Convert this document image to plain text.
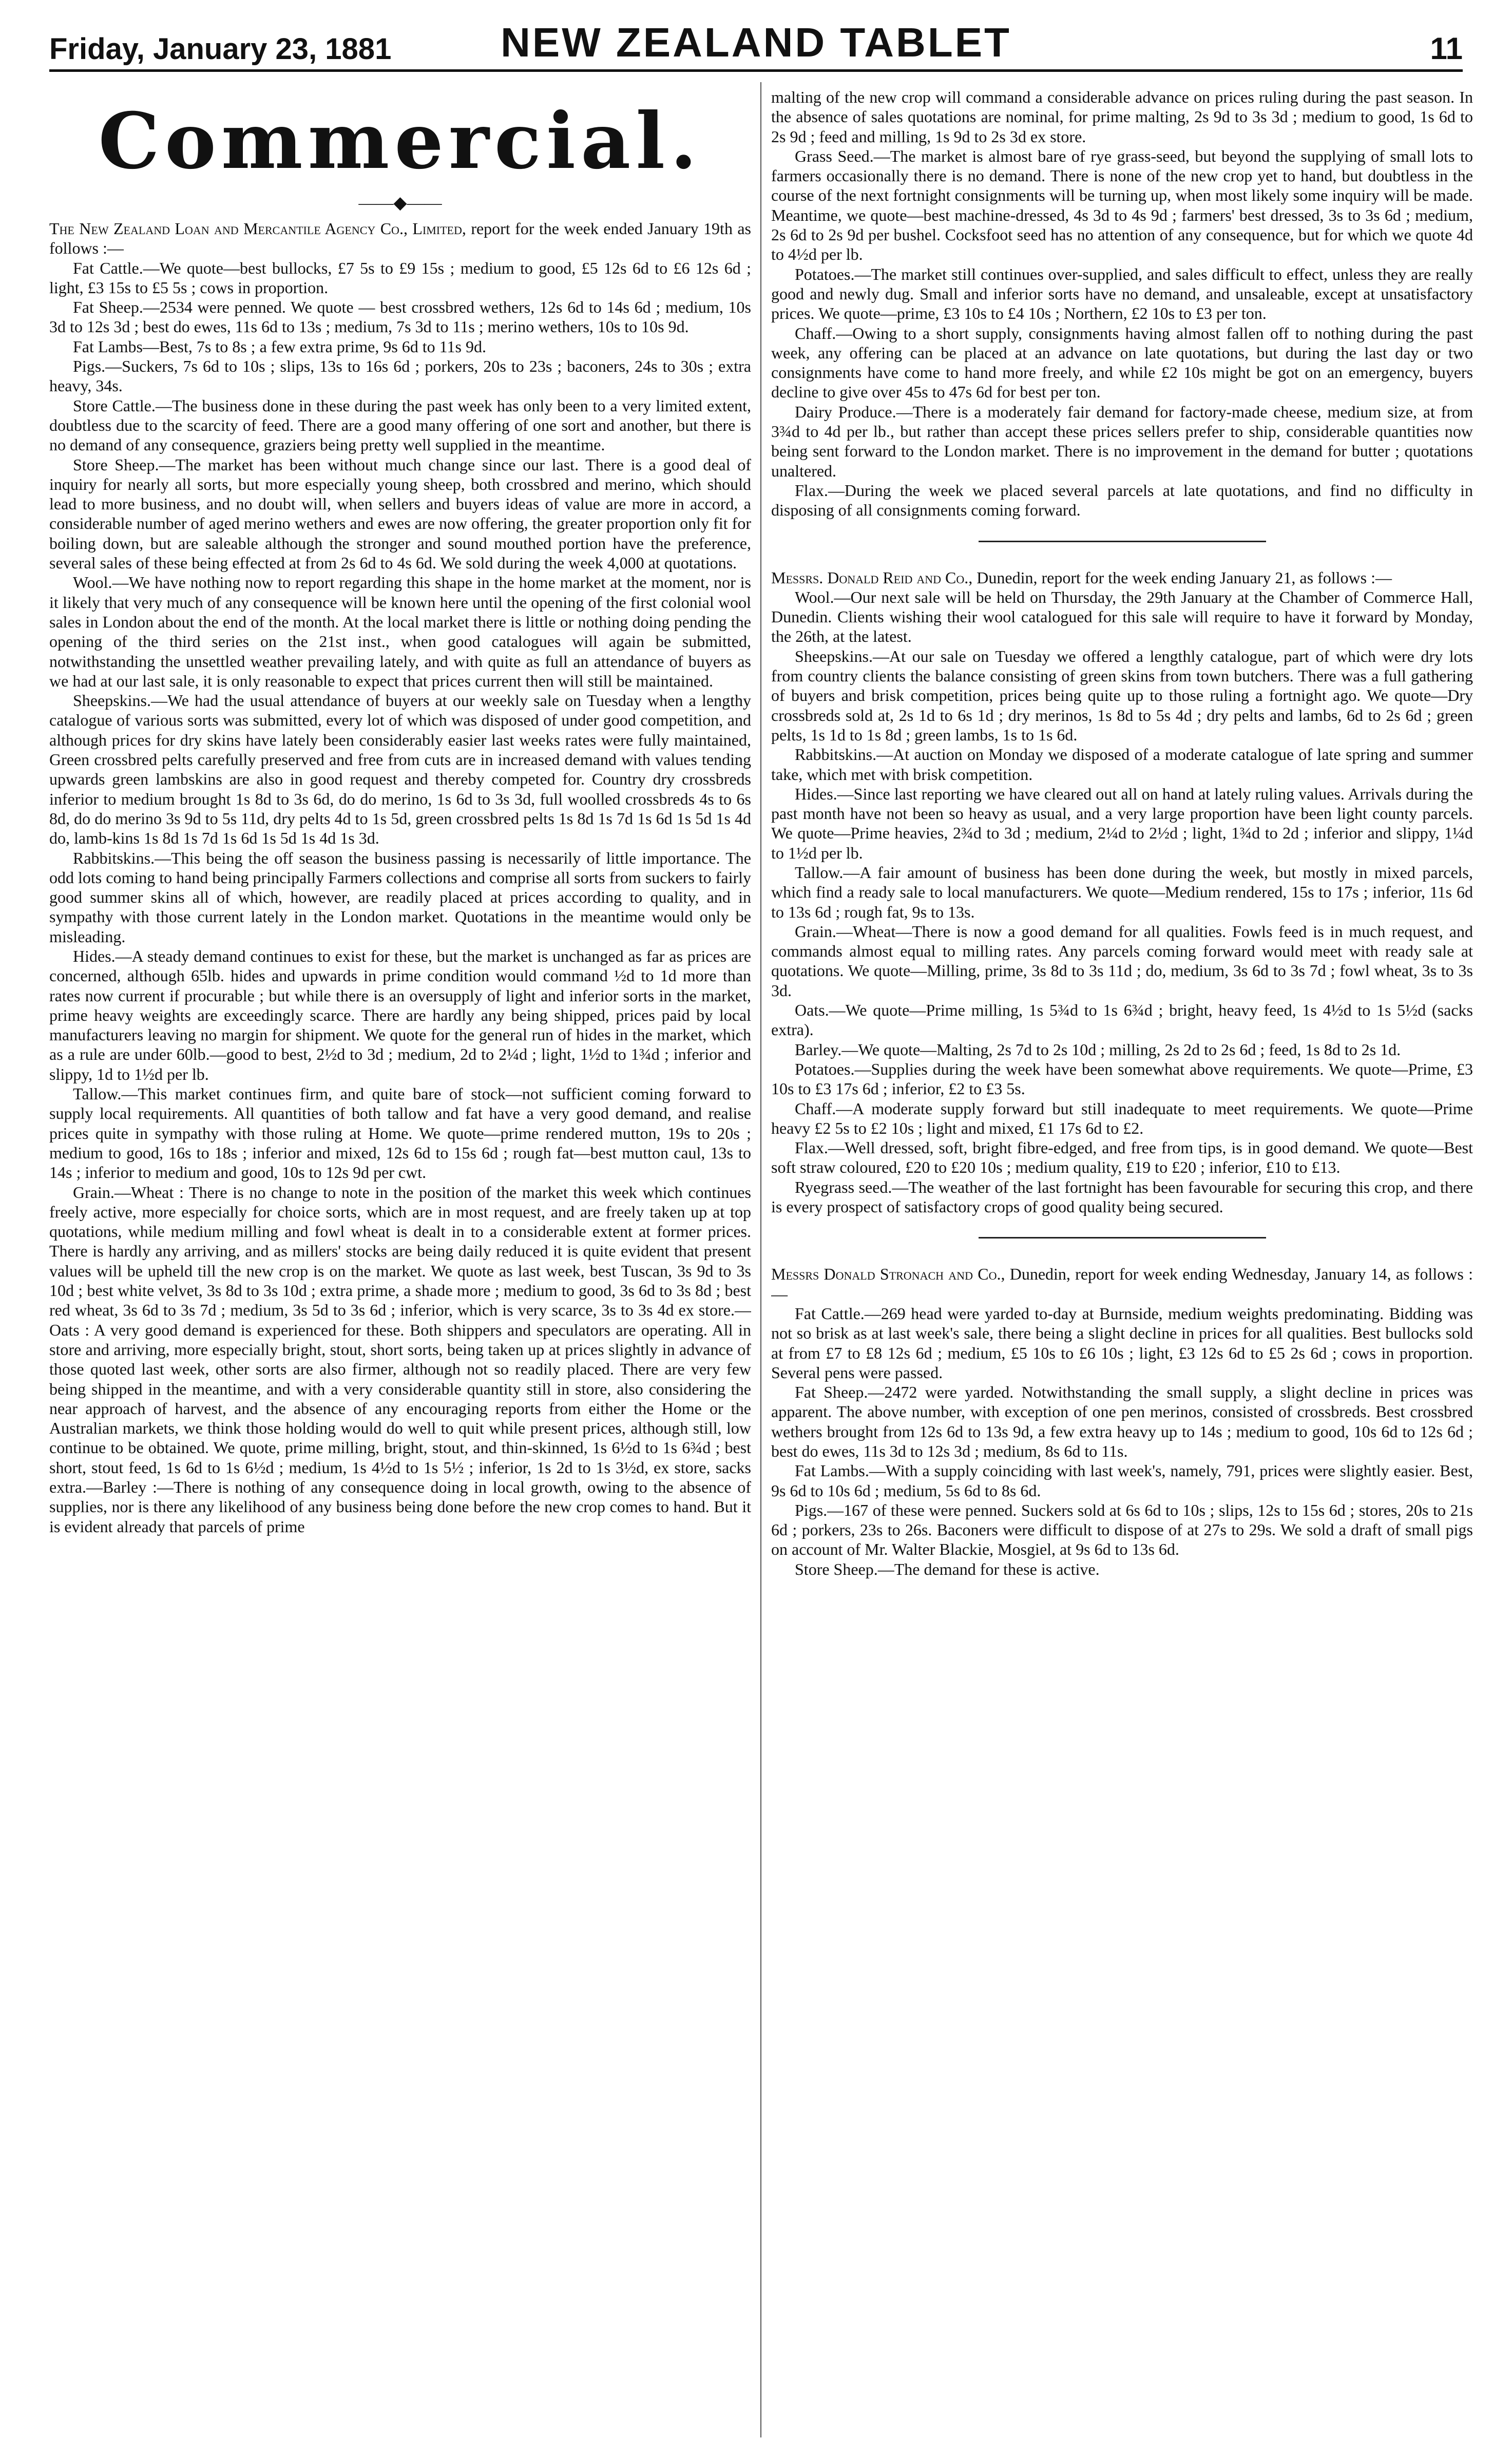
Friday, January 23, 1881	NEW ZEALAND TABLET	11
Commercial.
——◆——

The New Zealand Loan and Mercantile Agency Co., Limited, report for the week ended January 19th as follows :—

Fat Cattle.—We quote—best bullocks, £7 5s to £9 15s ; medium to good, £5 12s 6d to £6 12s 6d ; light, £3 15s to £5 5s ; cows in proportion.

Fat Sheep.—2534 were penned. We quote — best crossbred wethers, 12s 6d to 14s 6d ; medium, 10s 3d to 12s 3d ; best do ewes, 11s 6d to 13s ; medium, 7s 3d to 11s ; merino wethers, 10s to 10s 9d.

Fat Lambs—Best, 7s to 8s ; a few extra prime, 9s 6d to 11s 9d.

Pigs.—Suckers, 7s 6d to 10s ; slips, 13s to 16s 6d ; porkers, 20s to 23s ; baconers, 24s to 30s ; extra heavy, 34s.

Store Cattle.—The business done in these during the past week has only been to a very limited extent, doubtless due to the scarcity of feed. There are a good many offering of one sort and another, but there is no demand of any consequence, graziers being pretty well supplied in the meantime.

Store Sheep.—The market has been without much change since our last. There is a good deal of inquiry for nearly all sorts, but more especially young sheep, both crossbred and merino, which should lead to more business, and no doubt will, when sellers and buyers ideas of value are more in accord, a considerable number of aged merino wethers and ewes are now offering, the greater proportion only fit for boiling down, but are saleable although the stronger and sound mouthed portion have the preference, several sales of these being effected at from 2s 6d to 4s 6d. We sold during the week 4,000 at quotations.

Wool.—We have nothing now to report regarding this shape in the home market at the moment, nor is it likely that very much of any consequence will be known here until the opening of the first colonial wool sales in London about the end of the month. At the local market there is little or nothing doing pending the opening of the third series on the 21st inst., when good catalogues will again be submitted, notwithstanding the unsettled weather prevailing lately, and with quite as full an attendance of buyers as we had at our last sale, it is only reasonable to expect that prices current then will still be maintained.

Sheepskins.—We had the usual attendance of buyers at our weekly sale on Tuesday when a lengthy catalogue of various sorts was submitted, every lot of which was disposed of under good competition, and although prices for dry skins have lately been considerably easier last weeks rates were fully maintained, Green crossbred pelts carefully preserved and free from cuts are in increased demand with values tending upwards green lambskins are also in good request and thereby competed for. Country dry crossbreds inferior to medium brought 1s 8d to 3s 6d, do do merino, 1s 6d to 3s 3d, full woolled crossbreds 4s to 6s 8d, do do merino 3s 9d to 5s 11d, dry pelts 4d to 1s 5d, green crossbred pelts 1s 8d 1s 7d 1s 6d 1s 5d 1s 4d do, lamb-kins 1s 8d 1s 7d 1s 6d 1s 5d 1s 4d 1s 3d.

Rabbitskins.—This being the off season the business passing is necessarily of little importance. The odd lots coming to hand being principally Farmers collections and comprise all sorts from suckers to fairly good summer skins all of which, however, are readily placed at prices according to quality, and in sympathy with those current lately in the London market. Quotations in the meantime would only be misleading.

Hides.—A steady demand continues to exist for these, but the market is unchanged as far as prices are concerned, although 65lb. hides and upwards in prime condition would command ½d to 1d more than rates now current if procurable ; but while there is an oversupply of light and inferior sorts in the market, prime heavy weights are exceedingly scarce. There are hardly any being shipped, prices paid by local manufacturers leaving no margin for shipment. We quote for the general run of hides in the market, which as a rule are under 60lb.—good to best, 2½d to 3d ; medium, 2d to 2¼d ; light, 1½d to 1¾d ; inferior and slippy, 1d to 1½d per lb.

Tallow.—This market continues firm, and quite bare of stock—not sufficient coming forward to supply local requirements. All quantities of both tallow and fat have a very good demand, and realise prices quite in sympathy with those ruling at Home. We quote—prime rendered mutton, 19s to 20s ; medium to good, 16s to 18s ; inferior and mixed, 12s 6d to 15s 6d ; rough fat—best mutton caul, 13s to 14s ; inferior to medium and good, 10s to 12s 9d per cwt.

Grain.—Wheat : There is no change to note in the position of the market this week which continues freely active, more especially for choice sorts, which are in most request, and are freely taken up at top quotations, while medium milling and fowl wheat is dealt in to a considerable extent at former prices. There is hardly any arriving, and as millers' stocks are being daily reduced it is quite evident that present values will be upheld till the new crop is on the market. We quote as last week, best Tuscan, 3s 9d to 3s 10d ; best white velvet, 3s 8d to 3s 10d ; extra prime, a shade more ; medium to good, 3s 6d to 3s 8d ; best red wheat, 3s 6d to 3s 7d ; medium, 3s 5d to 3s 6d ; inferior, which is very scarce, 3s to 3s 4d ex store.—Oats : A very good demand is experienced for these. Both shippers and speculators are operating. All in store and arriving, more especially bright, stout, short sorts, being taken up at prices slightly in advance of those quoted last week, other sorts are also firmer, although not so readily placed. There are very few being shipped in the meantime, and with a very considerable quantity still in store, also considering the near approach of harvest, and the absence of any encouraging reports from either the Home or the Australian markets, we think those holding would do well to quit while present prices, although still, low continue to be obtained. We quote, prime milling, bright, stout, and thin-skinned, 1s 6½d to 1s 6¾d ; best short, stout feed, 1s 6d to 1s 6½d ; medium, 1s 4½d to 1s 5½ ; inferior, 1s 2d to 1s 3½d, ex store, sacks extra.—Barley :—There is nothing of any consequence doing in local growth, owing to the absence of supplies, nor is there any likelihood of any business being done before the new crop comes to hand. But it is evident already that parcels of prime

malting of the new crop will command a considerable advance on prices ruling during the past season. In the absence of sales quotations are nominal, for prime malting, 2s 9d to 3s 3d ; medium to good, 1s 6d to 2s 9d ; feed and milling, 1s 9d to 2s 3d ex store.

Grass Seed.—The market is almost bare of rye grass-seed, but beyond the supplying of small lots to farmers occasionally there is no demand. There is none of the new crop yet to hand, but doubtless in the course of the next fortnight consignments will be turning up, when most likely some inquiry will be made. Meantime, we quote—best machine-dressed, 4s 3d to 4s 9d ; farmers' best dressed, 3s to 3s 6d ; medium, 2s 6d to 2s 9d per bushel. Cocksfoot seed has no attention of any consequence, but for which we quote 4d to 4½d per lb.

Potatoes.—The market still continues over-supplied, and sales difficult to effect, unless they are really good and newly dug. Small and inferior sorts have no demand, and unsaleable, except at unsatisfactory prices. We quote—prime, £3 10s to £4 10s ; Northern, £2 10s to £3 per ton.

Chaff.—Owing to a short supply, consignments having almost fallen off to nothing during the past week, any offering can be placed at an advance on late quotations, but during the last day or two consignments have come to hand more freely, and while £2 10s might be got on an emergency, buyers decline to give over 45s to 47s 6d for best per ton.

Dairy Produce.—There is a moderately fair demand for factory-made cheese, medium size, at from 3¾d to 4d per lb., but rather than accept these prices sellers prefer to ship, considerable quantities now being sent forward to the London market. There is no improvement in the demand for butter ; quotations unaltered.

Flax.—During the week we placed several parcels at late quotations, and find no difficulty in disposing of all consignments coming forward.

Messrs. Donald Reid and Co., Dunedin, report for the week ending January 21, as follows :—

Wool.—Our next sale will be held on Thursday, the 29th January at the Chamber of Commerce Hall, Dunedin. Clients wishing their wool catalogued for this sale will require to have it forward by Monday, the 26th, at the latest.

Sheepskins.—At our sale on Tuesday we offered a lengthly catalogue, part of which were dry lots from country clients the balance consisting of green skins from town butchers. There was a full gathering of buyers and brisk competition, prices being quite up to those ruling a fortnight ago. We quote—Dry crossbreds sold at, 2s 1d to 6s 1d ; dry merinos, 1s 8d to 5s 4d ; dry pelts and lambs, 6d to 2s 6d ; green pelts, 1s 1d to 1s 8d ; green lambs, 1s to 1s 6d.

Rabbitskins.—At auction on Monday we disposed of a moderate catalogue of late spring and summer take, which met with brisk competition.

Hides.—Since last reporting we have cleared out all on hand at lately ruling values. Arrivals during the past month have not been so heavy as usual, and a very large proportion have been light county parcels. We quote—Prime heavies, 2¾d to 3d ; medium, 2¼d to 2½d ; light, 1¾d to 2d ; inferior and slippy, 1¼d to 1½d per lb.

Tallow.—A fair amount of business has been done during the week, but mostly in mixed parcels, which find a ready sale to local manufacturers. We quote—Medium rendered, 15s to 17s ; inferior, 11s 6d to 13s 6d ; rough fat, 9s to 13s.

Grain.—Wheat—There is now a good demand for all qualities. Fowls feed is in much request, and commands almost equal to milling rates. Any parcels coming forward would meet with ready sale at quotations. We quote—Milling, prime, 3s 8d to 3s 11d ; do, medium, 3s 6d to 3s 7d ; fowl wheat, 3s to 3s 3d.

Oats.—We quote—Prime milling, 1s 5¾d to 1s 6¾d ; bright, heavy feed, 1s 4½d to 1s 5½d (sacks extra).

Barley.—We quote—Malting, 2s 7d to 2s 10d ; milling, 2s 2d to 2s 6d ; feed, 1s 8d to 2s 1d.

Potatoes.—Supplies during the week have been somewhat above requirements. We quote—Prime, £3 10s to £3 17s 6d ; inferior, £2 to £3 5s.

Chaff.—A moderate supply forward but still inadequate to meet requirements. We quote—Prime heavy £2 5s to £2 10s ; light and mixed, £1 17s 6d to £2.

Flax.—Well dressed, soft, bright fibre-edged, and free from tips, is in good demand. We quote—Best soft straw coloured, £20 to £20 10s ; medium quality, £19 to £20 ; inferior, £10 to £13.

Ryegrass seed.—The weather of the last fortnight has been favourable for securing this crop, and there is every prospect of satisfactory crops of good quality being secured.

Messrs Donald Stronach and Co., Dunedin, report for week ending Wednesday, January 14, as follows :—

Fat Cattle.—269 head were yarded to-day at Burnside, medium weights predominating. Bidding was not so brisk as at last week's sale, there being a slight decline in prices for all qualities. Best bullocks sold at from £7 to £8 12s 6d ; medium, £5 10s to £6 10s ; light, £3 12s 6d to £5 2s 6d ; cows in proportion. Several pens were passed.

Fat Sheep.—2472 were yarded. Notwithstanding the small supply, a slight decline in prices was apparent. The above number, with exception of one pen merinos, consisted of crossbreds. Best crossbred wethers brought from 12s 6d to 13s 9d, a few extra heavy up to 14s ; medium to good, 10s 6d to 12s 6d ; best do ewes, 11s 3d to 12s 3d ; medium, 8s 6d to 11s.

Fat Lambs.—With a supply coinciding with last week's, namely, 791, prices were slightly easier. Best, 9s 6d to 10s 6d ; medium, 5s 6d to 8s 6d.

Pigs.—167 of these were penned. Suckers sold at 6s 6d to 10s ; slips, 12s to 15s 6d ; stores, 20s to 21s 6d ; porkers, 23s to 26s. Baconers were difficult to dispose of at 27s to 29s. We sold a draft of small pigs on account of Mr. Walter Blackie, Mosgiel, at 9s 6d to 13s 6d.

Store Sheep.—The demand for these is active.
